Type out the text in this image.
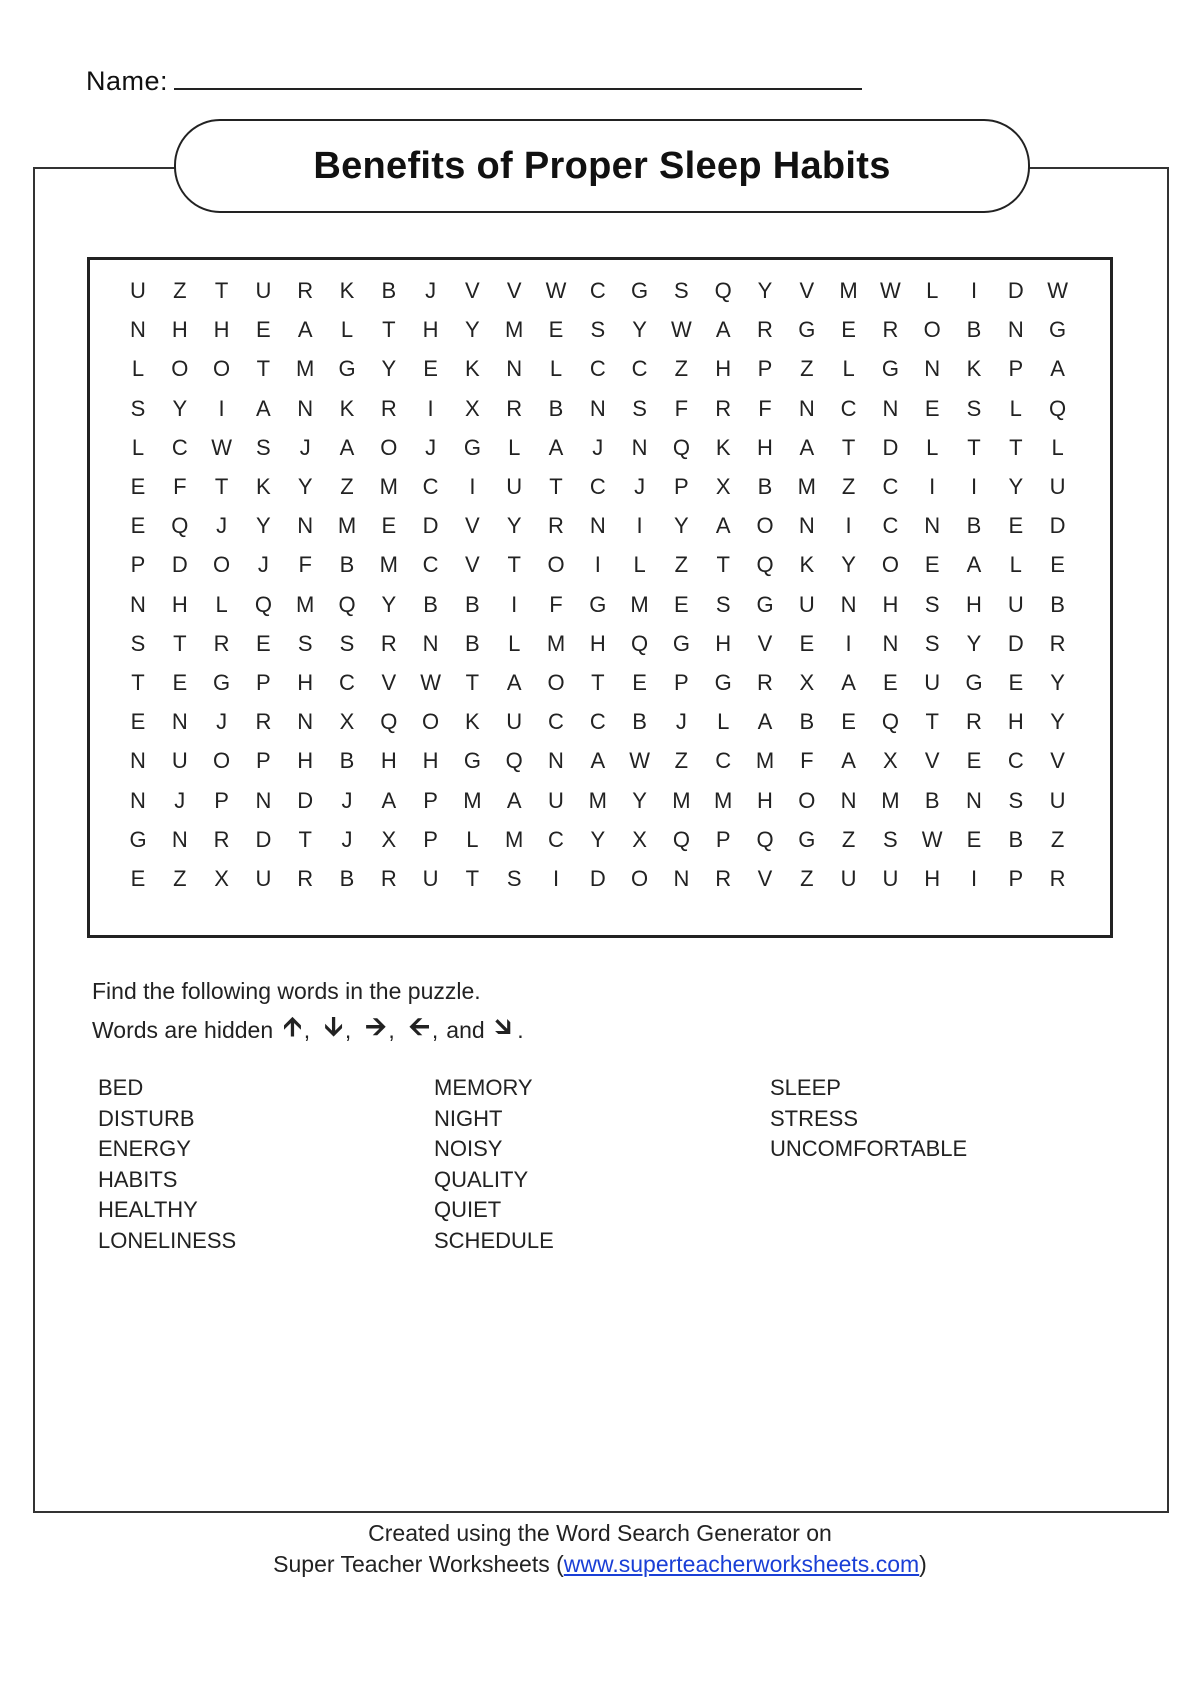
Name:
Benefits of Proper Sleep Habits
U	Z	T	U	R	K	B	J	V	V	W	C	G	S	Q	Y	V	M	W	L	I	D	W
N	H	H	E	A	L	T	H	Y	M	E	S	Y	W	A	R	G	E	R	O	B	N	G
L	O	O	T	M	G	Y	E	K	N	L	C	C	Z	H	P	Z	L	G	N	K	P	A
S	Y	I	A	N	K	R	I	X	R	B	N	S	F	R	F	N	C	N	E	S	L	Q
L	C	W	S	J	A	O	J	G	L	A	J	N	Q	K	H	A	T	D	L	T	T	L
E	F	T	K	Y	Z	M	C	I	U	T	C	J	P	X	B	M	Z	C	I	I	Y	U
E	Q	J	Y	N	M	E	D	V	Y	R	N	I	Y	A	O	N	I	C	N	B	E	D
P	D	O	J	F	B	M	C	V	T	O	I	L	Z	T	Q	K	Y	O	E	A	L	E
N	H	L	Q	M	Q	Y	B	B	I	F	G	M	E	S	G	U	N	H	S	H	U	B
S	T	R	E	S	S	R	N	B	L	M	H	Q	G	H	V	E	I	N	S	Y	D	R
T	E	G	P	H	C	V	W	T	A	O	T	E	P	G	R	X	A	E	U	G	E	Y
E	N	J	R	N	X	Q	O	K	U	C	C	B	J	L	A	B	E	Q	T	R	H	Y
N	U	O	P	H	B	H	H	G	Q	N	A	W	Z	C	M	F	A	X	V	E	C	V
N	J	P	N	D	J	A	P	M	A	U	M	Y	M	M	H	O	N	M	B	N	S	U
G	N	R	D	T	J	X	P	L	M	C	Y	X	Q	P	Q	G	Z	S	W	E	B	Z
E	Z	X	U	R	B	R	U	T	S	I	D	O	N	R	V	Z	U	U	H	I	P	R
Find the following words in the puzzle.
Words are hidden 🡩 , 🡫 , 🡪 , 🡨 , and 🡮 .
BED
DISTURB
ENERGY
HABITS
HEALTHY
LONELINESS
MEMORY
NIGHT
NOISY
QUALITY
QUIET
SCHEDULE
SLEEP
STRESS
UNCOMFORTABLE
Created using the Word Search Generator on
Super Teacher Worksheets (www.superteacherworksheets.com)
